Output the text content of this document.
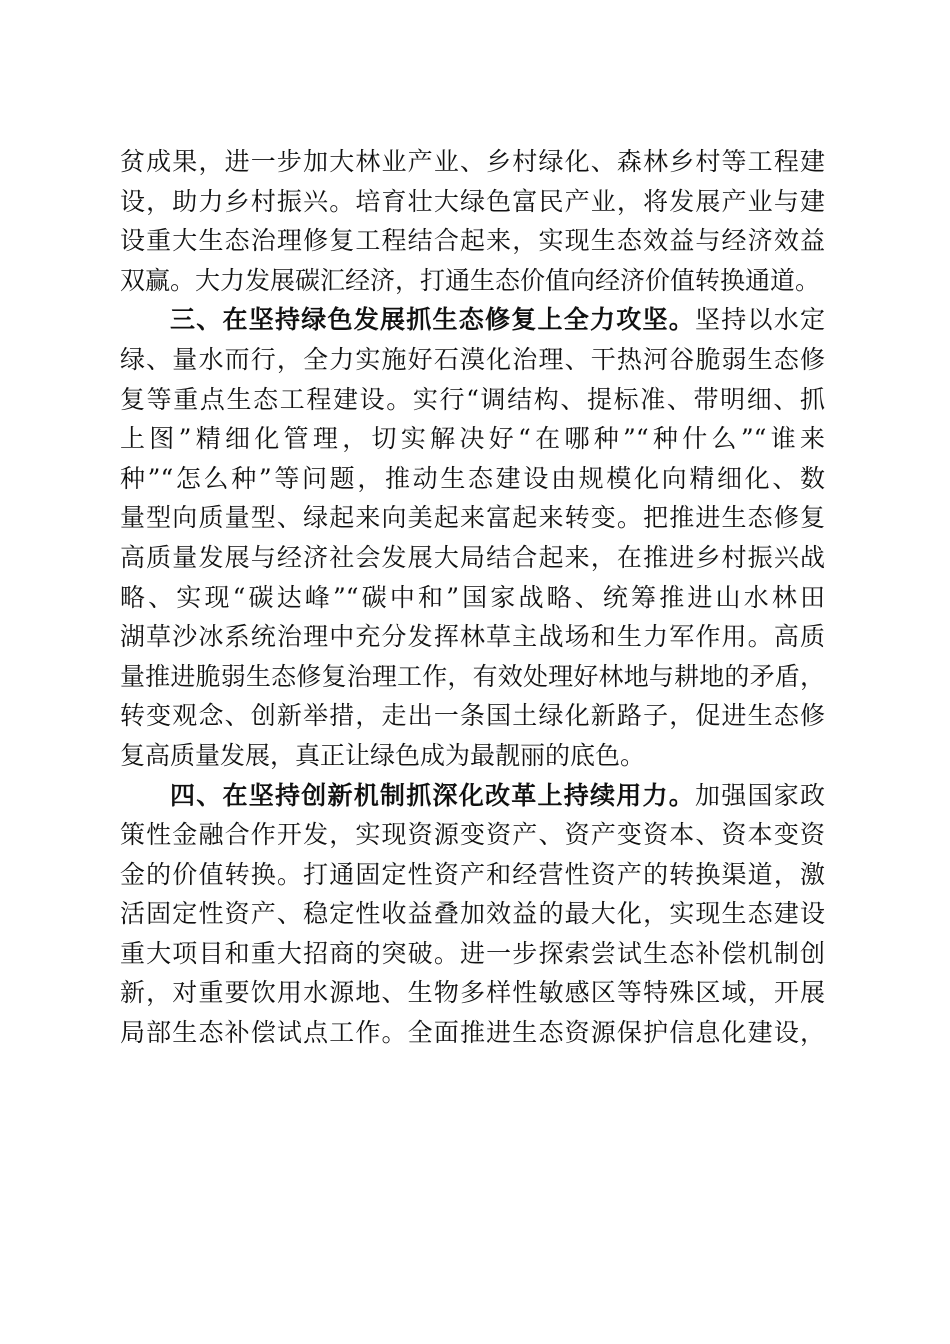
贫成果，进一步加大林业产业、乡村绿化、森林乡村等工程建
设，助力乡村振兴。培育壮大绿色富民产业，将发展产业与建
设重大生态治理修复工程结合起来，实现生态效益与经济效益
双赢。大力发展碳汇经济，打通生态价值向经济价值转换通道。
三、在坚持绿色发展抓生态修复上全力攻坚。坚持以水定
绿、量水而行，全力实施好石漠化治理、干热河谷脆弱生态修
复等重点生态工程建设。实行“调结构、提标准、带明细、抓
上图”精细化管理，切实解决好“在哪种”“种什么”“谁来
种”“怎么种”等问题，推动生态建设由规模化向精细化、数
量型向质量型、绿起来向美起来富起来转变。把推进生态修复
高质量发展与经济社会发展大局结合起来，在推进乡村振兴战
略、实现“碳达峰”“碳中和”国家战略、统筹推进山水林田
湖草沙冰系统治理中充分发挥林草主战场和生力军作用。高质
量推进脆弱生态修复治理工作，有效处理好林地与耕地的矛盾，
转变观念、创新举措，走出一条国土绿化新路子，促进生态修
复高质量发展，真正让绿色成为最靓丽的底色。
四、在坚持创新机制抓深化改革上持续用力。加强国家政
策性金融合作开发，实现资源变资产、资产变资本、资本变资
金的价值转换。打通固定性资产和经营性资产的转换渠道，激
活固定性资产、稳定性收益叠加效益的最大化，实现生态建设
重大项目和重大招商的突破。进一步探索尝试生态补偿机制创
新，对重要饮用水源地、生物多样性敏感区等特殊区域，开展
局部生态补偿试点工作。全面推进生态资源保护信息化建设，
